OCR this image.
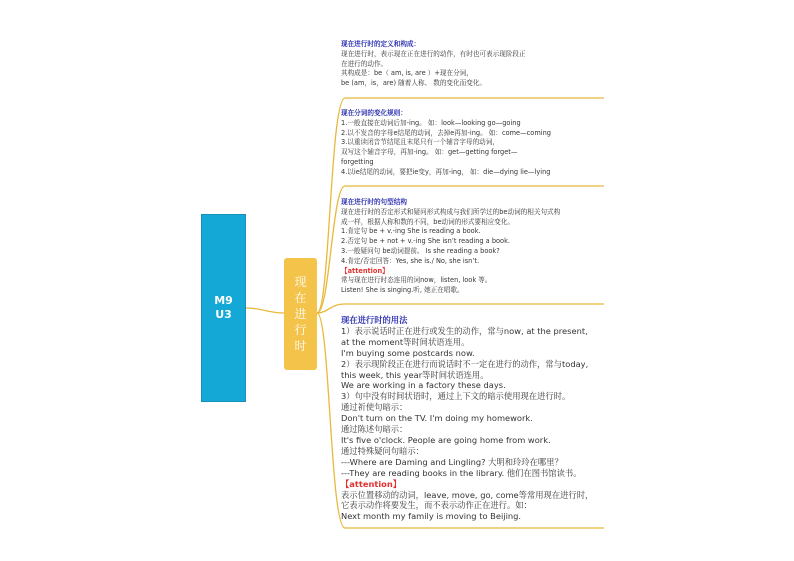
M9
U3
现
在
进
行
时
现在进行时的定义和构成：
现在进行时，表示现在正在进行的动作，有时也可表示现阶段正
在进行的动作。
其构成是：be（ am, is, are ）+现在分词，
be (am，is，are) 随着人称、 数的变化而变化。
现在分词的变化规则：
1.一般直接在动词后加-ing。 如：look—looking go—going
2.以不发音的字母e结尾的动词，去掉e再加-ing。 如：come—coming
3.以重读闭音节结尾且末尾只有一个辅音字母的动词，
双写这个辅音字母，再加-ing。 如：get—getting forget—
forgetting
4.以ie结尾的动词，要把ie变y，再加-ing， 如：die—dying lie—lying
现在进行时的句型结构
现在进行时的否定形式和疑问形式构成与我们所学过的be动词的相关句式构
成一样，根据人称和数的不同，be动词的形式要相应变化。
1.肯定句 be + v.-ing She is reading a book.
2.否定句 be + not + v.-ing She isn’t reading a book.
3.一般疑问句 be动词提前。 Is she reading a book?
4.肯定/否定回答：Yes, she is./ No, she isn’t.
【attention】
常与现在进行时态连用的词now，listen, look 等。
Listen! She is singing.听, 她正在唱歌。
现在进行时的用法
1）表示说话时正在进行或发生的动作，常与now, at the present,
at the moment等时间状语连用。
I'm buying some postcards now.
2）表示现阶段正在进行而说话时不一定在进行的动作，常与today,
this week, this year等时间状语连用。
We are working in a factory these days.
3）句中没有时间状语时，通过上下文的暗示使用现在进行时。
通过祈使句暗示：
Don't turn on the TV. I'm doing my homework.
通过陈述句暗示：
It's five o'clock. People are going home from work.
通过特殊疑问句暗示：
---Where are Daming and Lingling? 大明和玲玲在哪里？
---They are reading books in the library. 他们在图书馆读书。
【attention】
表示位置移动的动词，leave, move, go, come等常用现在进行时，
它表示动作将要发生，而不表示动作正在进行。如：
Next month my family is moving to Beijing.
